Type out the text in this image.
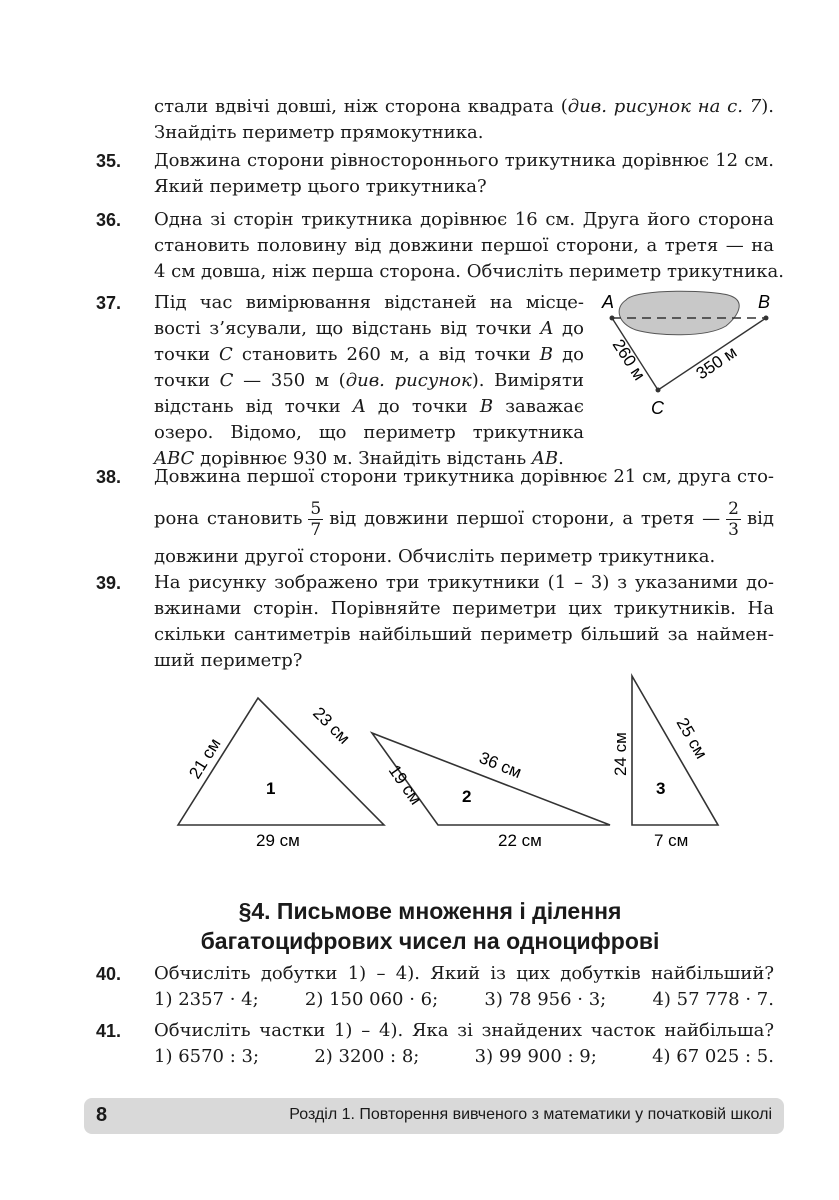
стали вдвічі довші, ніж сторона квадрата (див. рисунок на с. 7).
Знайдіть периметр прямокутника.
35. Довжина сторони рівностороннього трикутника дорівнює 12 см.
Який периметр цього трикутника?
36. Одна зі сторін трикутника дорівнює 16 см. Друга його сторона
становить половину від довжини першої сторони, а третя — на
4 см довша, ніж перша сторона. Обчисліть периметр трикутника.
37. Під час вимірювання відстаней на місце-
вості з’ясували, що відстань від точки A до
точки C становить 260 м, а від точки B до
точки C — 350 м (див. рисунок). Виміряти
відстань від точки A до точки B заважає
озеро. Відомо, що периметр трикутника
ABC дорівнює 930 м. Знайдіть відстань AB.
A	B
C
260 м	350 м
38. Довжина першої сторони трикутника дорівнює 21 см, друга сто-
рона становить $\frac{5}{7}$ від довжини першої сторони, а третя — $\frac{2}{3}$ від
довжини другої сторони. Обчисліть периметр трикутника.
39. На рисунку зображено три трикутники (1 – 3) з указаними до-
вжинами сторін. Порівняйте периметри цих трикутників. На
скільки сантиметрів найбільший периметр більший за наймен-
ший периметр?
21 см
23 см
29 см
1	19 см	36 см
22 см
2
24 см	25 см
7 см
3
§4. Письмове множення і ділення
багатоцифрових чисел на одноцифрові
40. Обчисліть добутки 1) – 4). Який із цих добутків найбільший?
1) 2357 · 4;	2) 150 060 · 6;	3) 78 956 · 3;	4) 57 778 · 7.
41. Обчисліть частки 1) – 4). Яка зі знайдених часток найбільша?
1) 6570 : 3;	2) 3200 : 8;	3) 99 900 : 9;	4) 67 025 : 5.
8	Розділ 1. Повторення вивченого з математики у початковій школі
